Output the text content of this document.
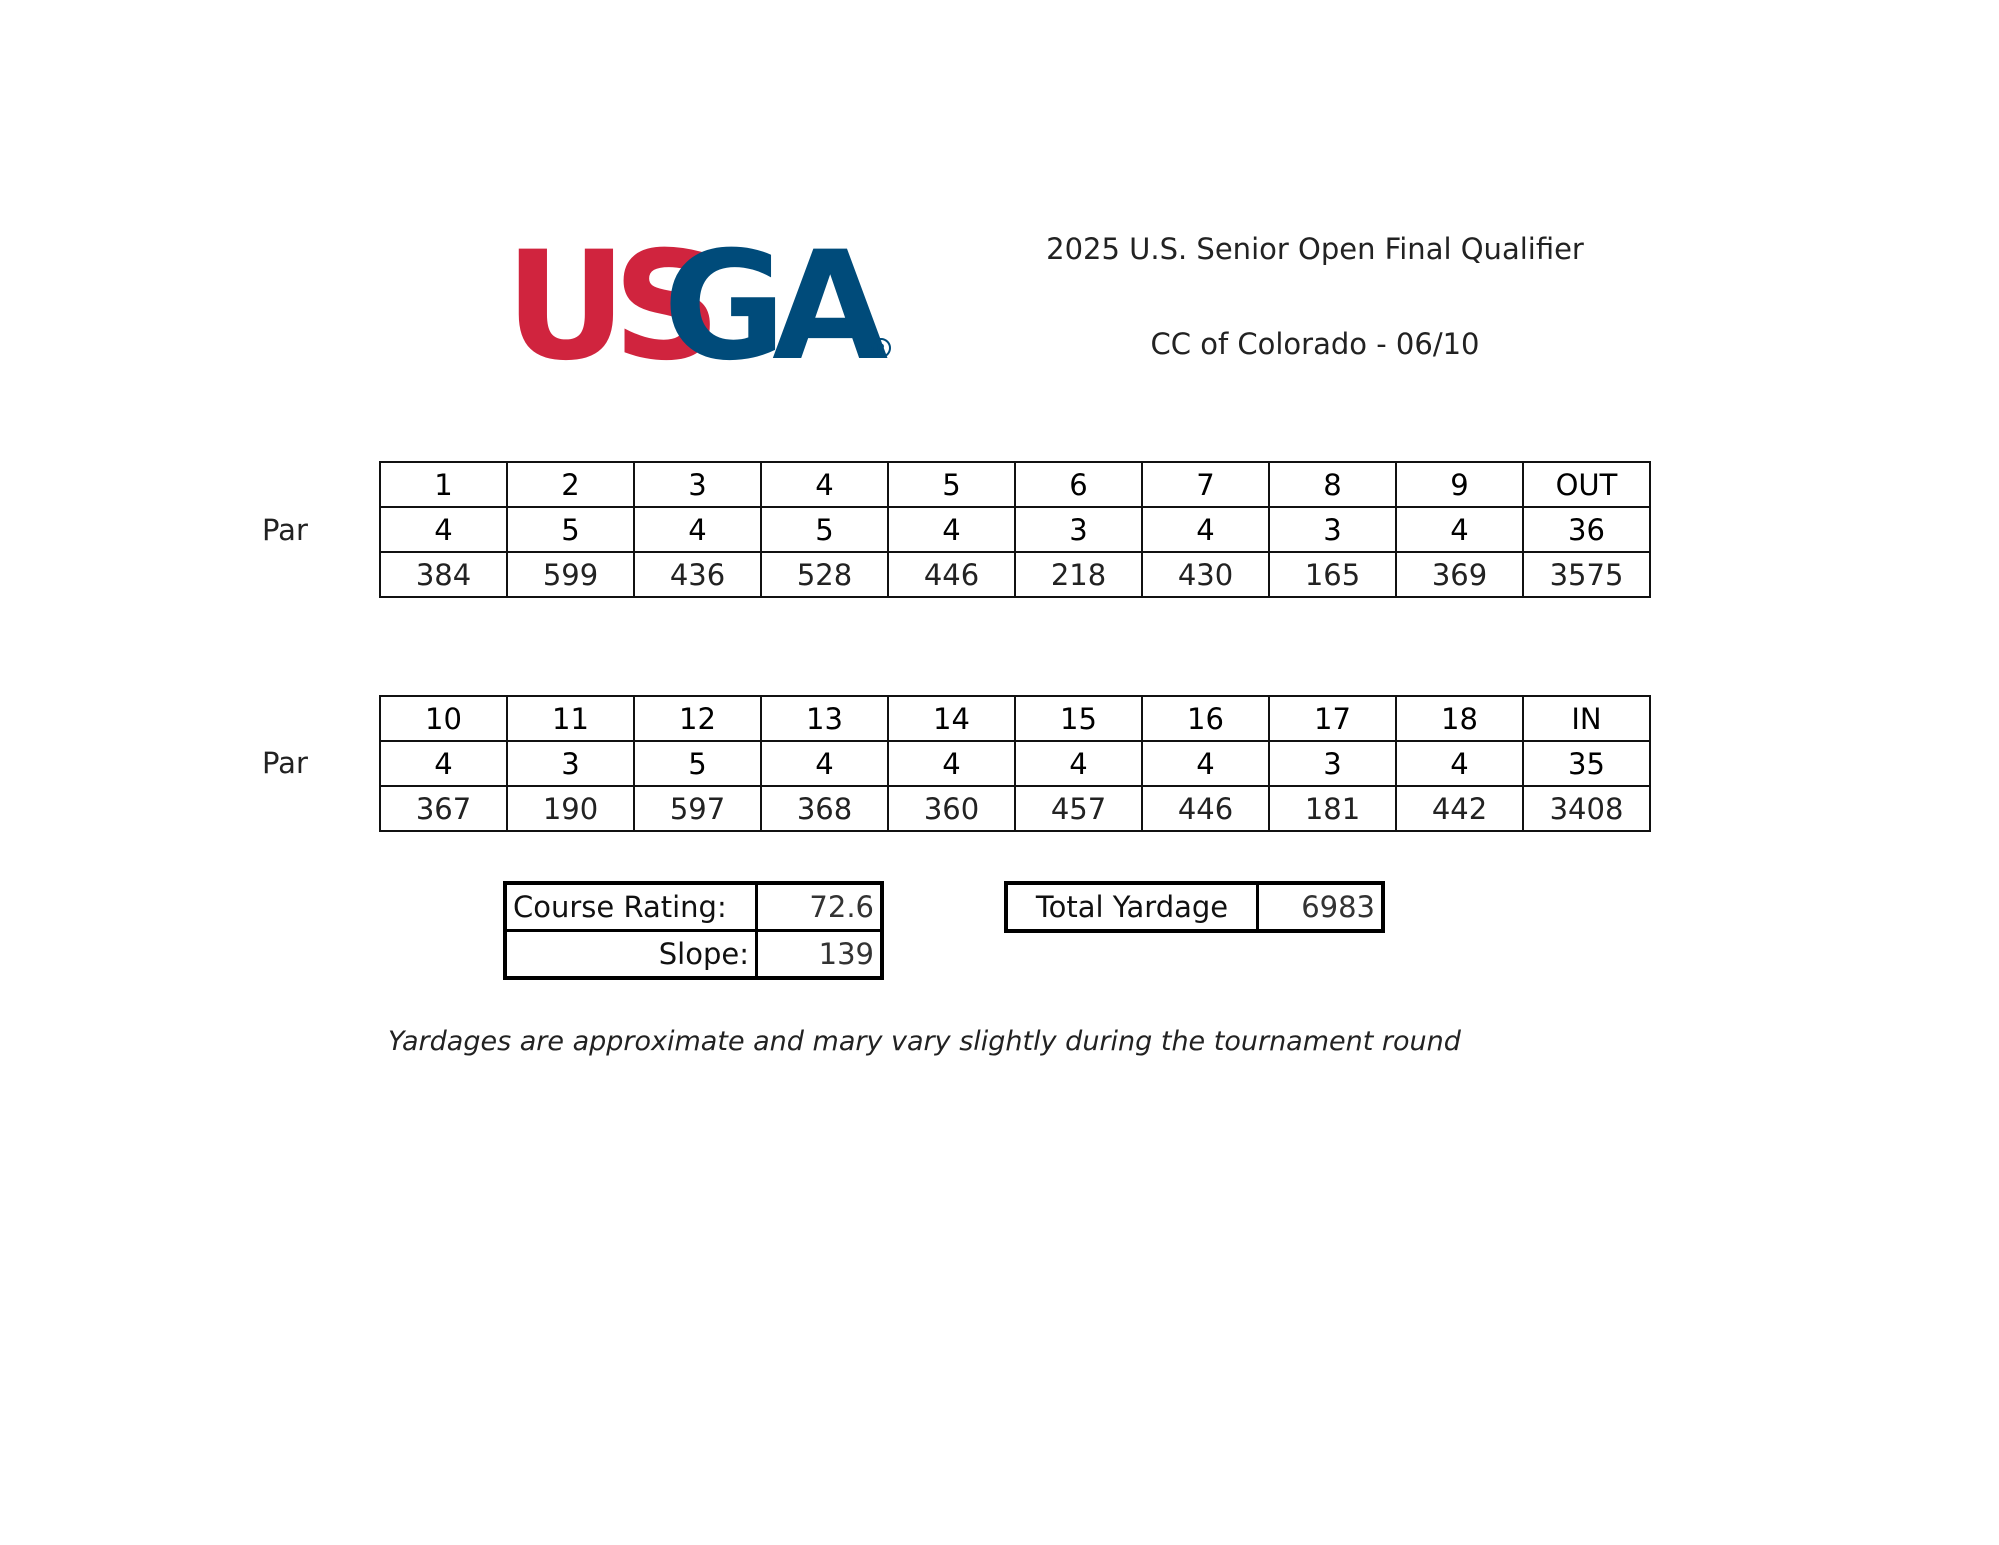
US
GA R
2025 U.S. Senior Open Final Qualifier
CC of Colorado - 06/10
Par
1	2	3	4	5	6	7	8	9	OUT
4	5	4	5	4	3	4	3	4	36
384	599	436	528	446	218	430	165	369	3575
Par
10	11	12	13	14	15	16	17	18	IN
4	3	5	4	4	4	4	3	4	35
367	190	597	368	360	457	446	181	442	3408
Course Rating:	72.6
Slope:	139
Total Yardage	6983
Yardages are approximate and mary vary slightly during the tournament round
